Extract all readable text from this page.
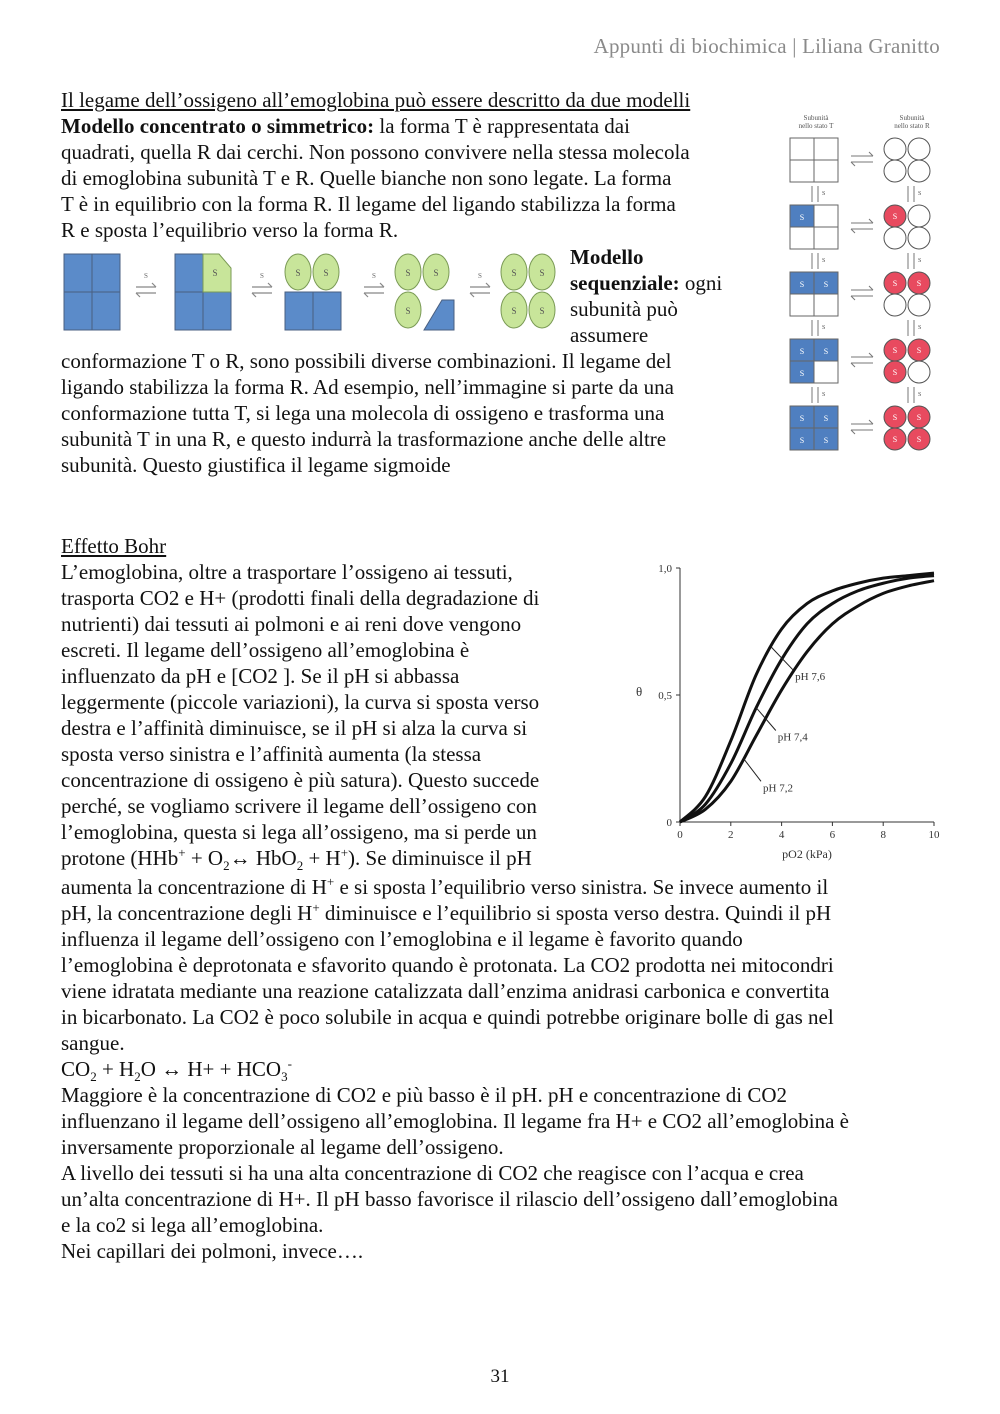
Appunti di biochimica | Liliana Granitto
Il legame dell’ossigeno all’emoglobina può essere descritto da due modelli
Modello concentrato o simmetrico: la forma T è rappresentata dai
quadrati, quella R dai cerchi. Non possono convivere nella stessa molecola
di emoglobina subunità T e R. Quelle bianche non sono legate. La forma
T è in equilibrio con la forma R. Il legame del ligando stabilizza la forma
R e sposta l’equilibrio verso la forma R.
Modello
sequenziale: ogni
subunità può
assumere
conformazione T o R, sono possibili diverse combinazioni. Il legame del
ligando stabilizza la forma R. Ad esempio, nell’immagine si parte da una
conformazione tutta T, si lega una molecola di ossigeno e trasforma una
subunità T in una R, e questo indurrà la trasformazione anche delle altre
subunità. Questo giustifica il legame sigmoide
Subunità
nello stato T
Subunità
nello stato R
S	S
S	S
S	S
S	S
S	S
S	S
S	S
S	S
S	S
S	S
S	S
S	S
S	S
S	S
S	S	S	S	S	S	S	S
S
S	S	S
S	S
Effetto Bohr
L’emoglobina, oltre a trasportare l’ossigeno ai tessuti,
trasporta CO2 e H+ (prodotti finali della degradazione di
nutrienti) dai tessuti ai polmoni e ai reni dove vengono
escreti. Il legame dell’ossigeno all’emoglobina è
influenzato da pH e [CO2 ]. Se il pH si abbassa
leggermente (piccole variazioni), la curva si sposta verso
destra e l’affinità diminuisce, se il pH si alza la curva si
sposta verso sinistra e l’affinità aumenta (la stessa
concentrazione di ossigeno è più satura). Questo succede
perché, se vogliamo scrivere il legame dell’ossigeno con
l’emoglobina, questa si lega all’ossigeno, ma si perde un
protone ($HHb^+ + O_2\leftrightarrow$ HbO$_2$ + H+). Se diminuisce il pH
aumenta la concentrazione di H+ e si sposta l’equilibrio verso sinistra. Se invece aumento il
pH, la concentrazione degli H+ diminuisce e l’equilibrio si sposta verso destra. Quindi il pH
influenza il legame dell’ossigeno con l’emoglobina e il legame è favorito quando
l’emoglobina è deprotonata e sfavorito quando è protonata. La CO2 prodotta nei mitocondri
viene idratata mediante una reazione catalizzata dall’enzima anidrasi carbonica e convertita
in bicarbonato. La CO2 è poco solubile in acqua e quindi potrebbe originare bolle di gas nel
sangue.
$CO_2 + H_2O$ ↔ $H+ + HCO_3^-$
Maggiore è la concentrazione di CO2 e più basso è il pH. pH e concentrazione di CO2
influenzano il legame dell’ossigeno all’emoglobina. Il legame fra H+ e CO2 all’emoglobina è
inversamente proporzionale al legame dell’ossigeno.
A livello dei tessuti si ha una alta concentrazione di CO2 che reagisce con l’acqua e crea
un’alta concentrazione di H+. Il pH basso favorisce il rilascio dell’ossigeno dall’emoglobina
e la co2 si lega all’emoglobina.
Nei capillari dei polmoni, invece….
θ
pO2 (kPa)
0	2	4	6	8	10
0
0,5
1,0
pH 7,6
pH 7,4
pH 7,2
31
